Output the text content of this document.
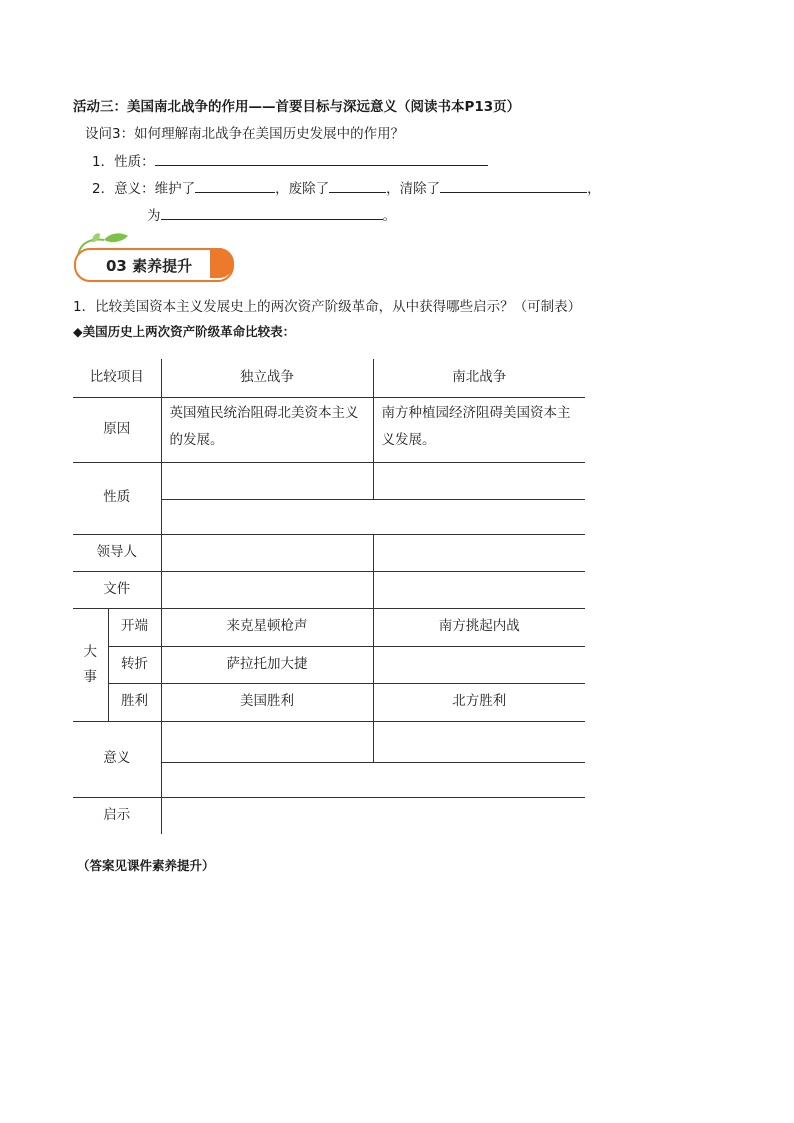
活动三：美国南北战争的作用——首要目标与深远意义（阅读书本P13页）
设问3：如何理解南北战争在美国历史发展中的作用？
1．性质：
2．意义：维护了	，废除了	，清除了	，
为	。
03 素养提升
1．比较美国资本主义发展史上的两次资产阶级革命，从中获得哪些启示？（可制表）
◆美国历史上两次资产阶级革命比较表：
比较项目		独立战争	南北战争
原因		英国殖民统治阻碍北美资本主义的发展。	南方种植园经济阻碍美国资本主义发展。
性质			

领导人			
文件			
大事	开端	来克星顿枪声	南方挑起内战
	转折	萨拉托加大捷	
	胜利	美国胜利	北方胜利
意义			

启示			
（答案见课件素养提升）
